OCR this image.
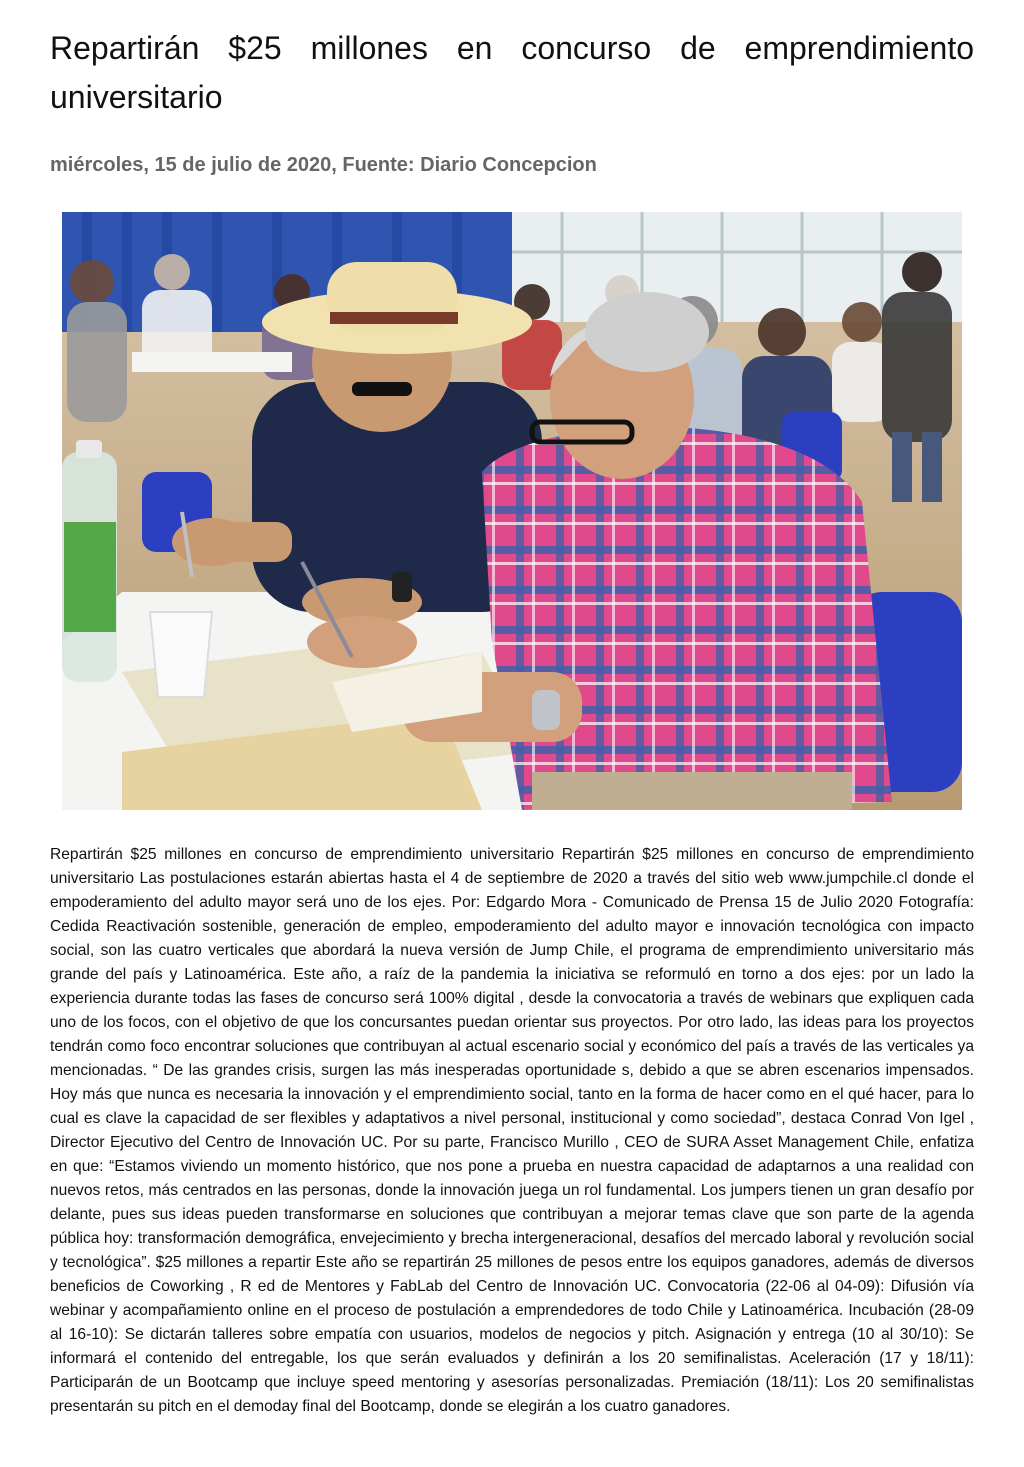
Repartirán $25 millones en concurso de emprendimiento universitario
miércoles, 15 de julio de 2020, Fuente: Diario Concepcion

Repartirán $25 millones en concurso de emprendimiento universitario Repartirán $25 millones en concurso de emprendimiento universitario Las postulaciones estarán abiertas hasta el 4 de septiembre de 2020 a través del sitio web www.jumpchile.cl donde el empoderamiento del adulto mayor será uno de los ejes. Por: Edgardo Mora - Comunicado de Prensa 15 de Julio 2020 Fotografía: Cedida Reactivación sostenible, generación de empleo, empoderamiento del adulto mayor e innovación tecnológica con impacto social, son las cuatro verticales que abordará la nueva versión de Jump Chile, el programa de emprendimiento universitario más grande del país y Latinoamérica. Este año, a raíz de la pandemia la iniciativa se reformuló en torno a dos ejes: por un lado la experiencia durante todas las fases de concurso será 100% digital , desde la convocatoria a través de webinars que expliquen cada uno de los focos, con el objetivo de que los concursantes puedan orientar sus proyectos. Por otro lado, las ideas para los proyectos tendrán como foco encontrar soluciones que contribuyan al actual escenario social y económico del país a través de las verticales ya mencionadas. “ De las grandes crisis, surgen las más inesperadas oportunidade s, debido a que se abren escenarios impensados. Hoy más que nunca es necesaria la innovación y el emprendimiento social, tanto en la forma de hacer como en el qué hacer, para lo cual es clave la capacidad de ser flexibles y adaptativos a nivel personal, institucional y como sociedad”, destaca Conrad Von Igel , Director Ejecutivo del Centro de Innovación UC. Por su parte, Francisco Murillo , CEO de SURA Asset Management Chile, enfatiza en que: “Estamos viviendo un momento histórico, que nos pone a prueba en nuestra capacidad de adaptarnos a una realidad con nuevos retos, más centrados en las personas, donde la innovación juega un rol fundamental. Los jumpers tienen un gran desafío por delante, pues sus ideas pueden transformarse en soluciones que contribuyan a mejorar temas clave que son parte de la agenda pública hoy: transformación demográfica, envejecimiento y brecha intergeneracional, desafíos del mercado laboral y revolución social y tecnológica”. $25 millones a repartir Este año se repartirán 25 millones de pesos entre los equipos ganadores, además de diversos beneficios de Coworking , R ed de Mentores y FabLab del Centro de Innovación UC. Convocatoria (22-06 al 04-09): Difusión vía webinar y acompañamiento online en el proceso de postulación a emprendedores de todo Chile y Latinoamérica. Incubación (28-09 al 16-10): Se dictarán talleres sobre empatía con usuarios, modelos de negocios y pitch. Asignación y entrega (10 al 30/10): Se informará el contenido del entregable, los que serán evaluados y definirán a los 20 semifinalistas. Aceleración (17 y 18/11): Participarán de un Bootcamp que incluye speed mentoring y asesorías personalizadas. Premiación (18/11): Los 20 semifinalistas presentarán su pitch en el demoday final del Bootcamp, donde se elegirán a los cuatro ganadores.
